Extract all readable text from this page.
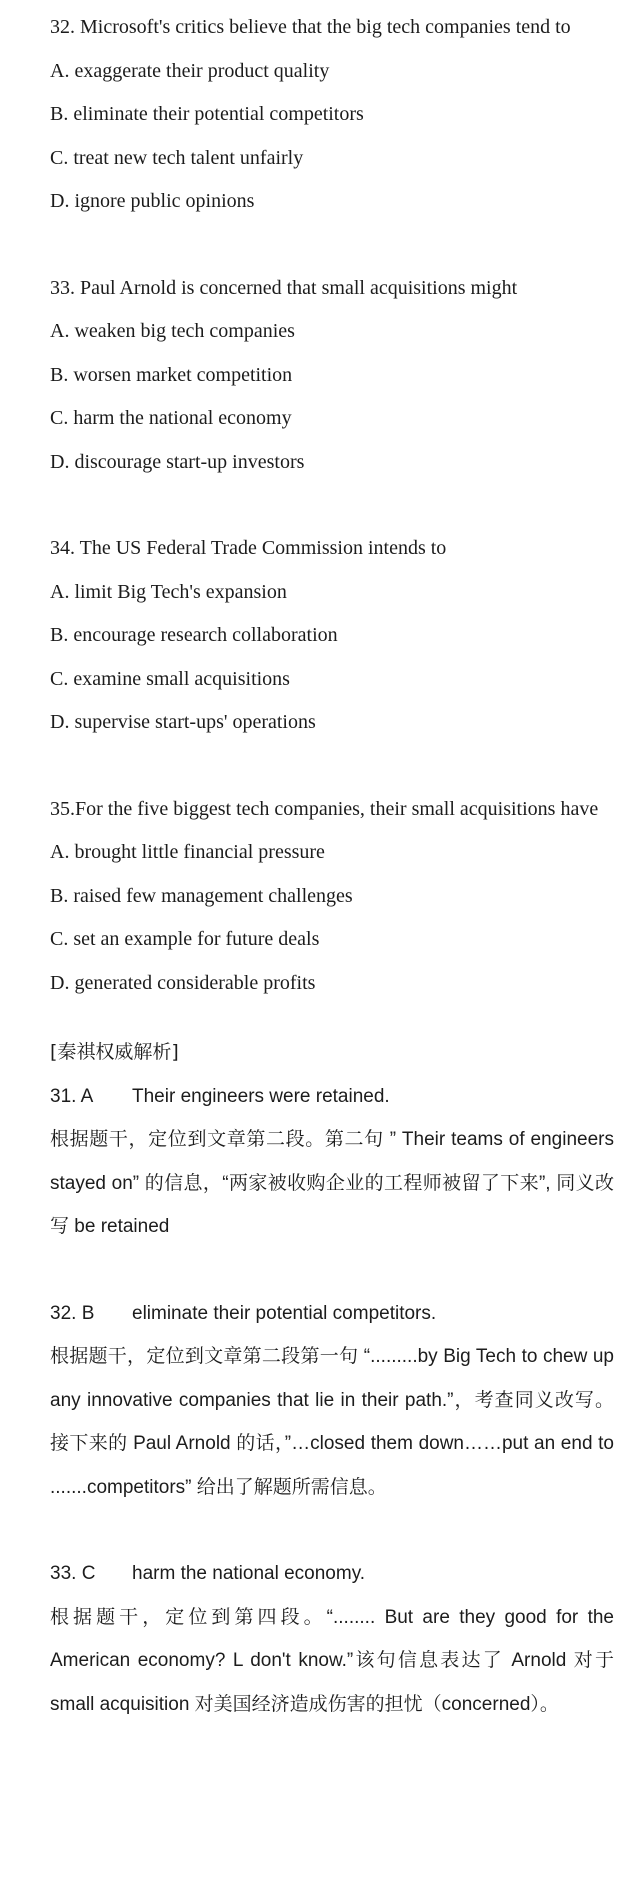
32. Microsoft's critics believe that the big tech companies tend to
A. exaggerate their product quality
B. eliminate their potential competitors
C. treat new tech talent unfairly
D. ignore public opinions
33. Paul Arnold is concerned that small acquisitions might
A. weaken big tech companies
B. worsen market competition
C. harm the national economy
D. discourage start-up investors
34. The US Federal Trade Commission intends to
A. limit Big Tech's expansion
B. encourage research collaboration
C. examine small acquisitions
D. supervise start-ups' operations
35.For the five biggest tech companies, their small acquisitions have
A. brought little financial pressure
B. raised few management challenges
C. set an example for future deals
D. generated considerable profits
[秦祺权威解析]
31. A Their engineers were retained.
根据题干，定位到文章第二段。第二句 ” Their teams of engineers stayed on” 的信息，“两家被收购企业的工程师被留了下来”, 同义改写 be retained
32. B eliminate their potential competitors.
根据题干，定位到文章第二段第一句 “.........by Big Tech to chew up any innovative companies that lie in their path.”，考查同义改写。接下来的 Paul Arnold 的话，”…closed them down……put an end to .......competitors” 给出了解题所需信息。
33. C harm the national economy.
根据题干，定位到第四段。“........ But are they good for the American economy? L don't know.”该句信息表达了 Arnold 对于 small acquisition 对美国经济造成伤害的担忧（concerned）。
